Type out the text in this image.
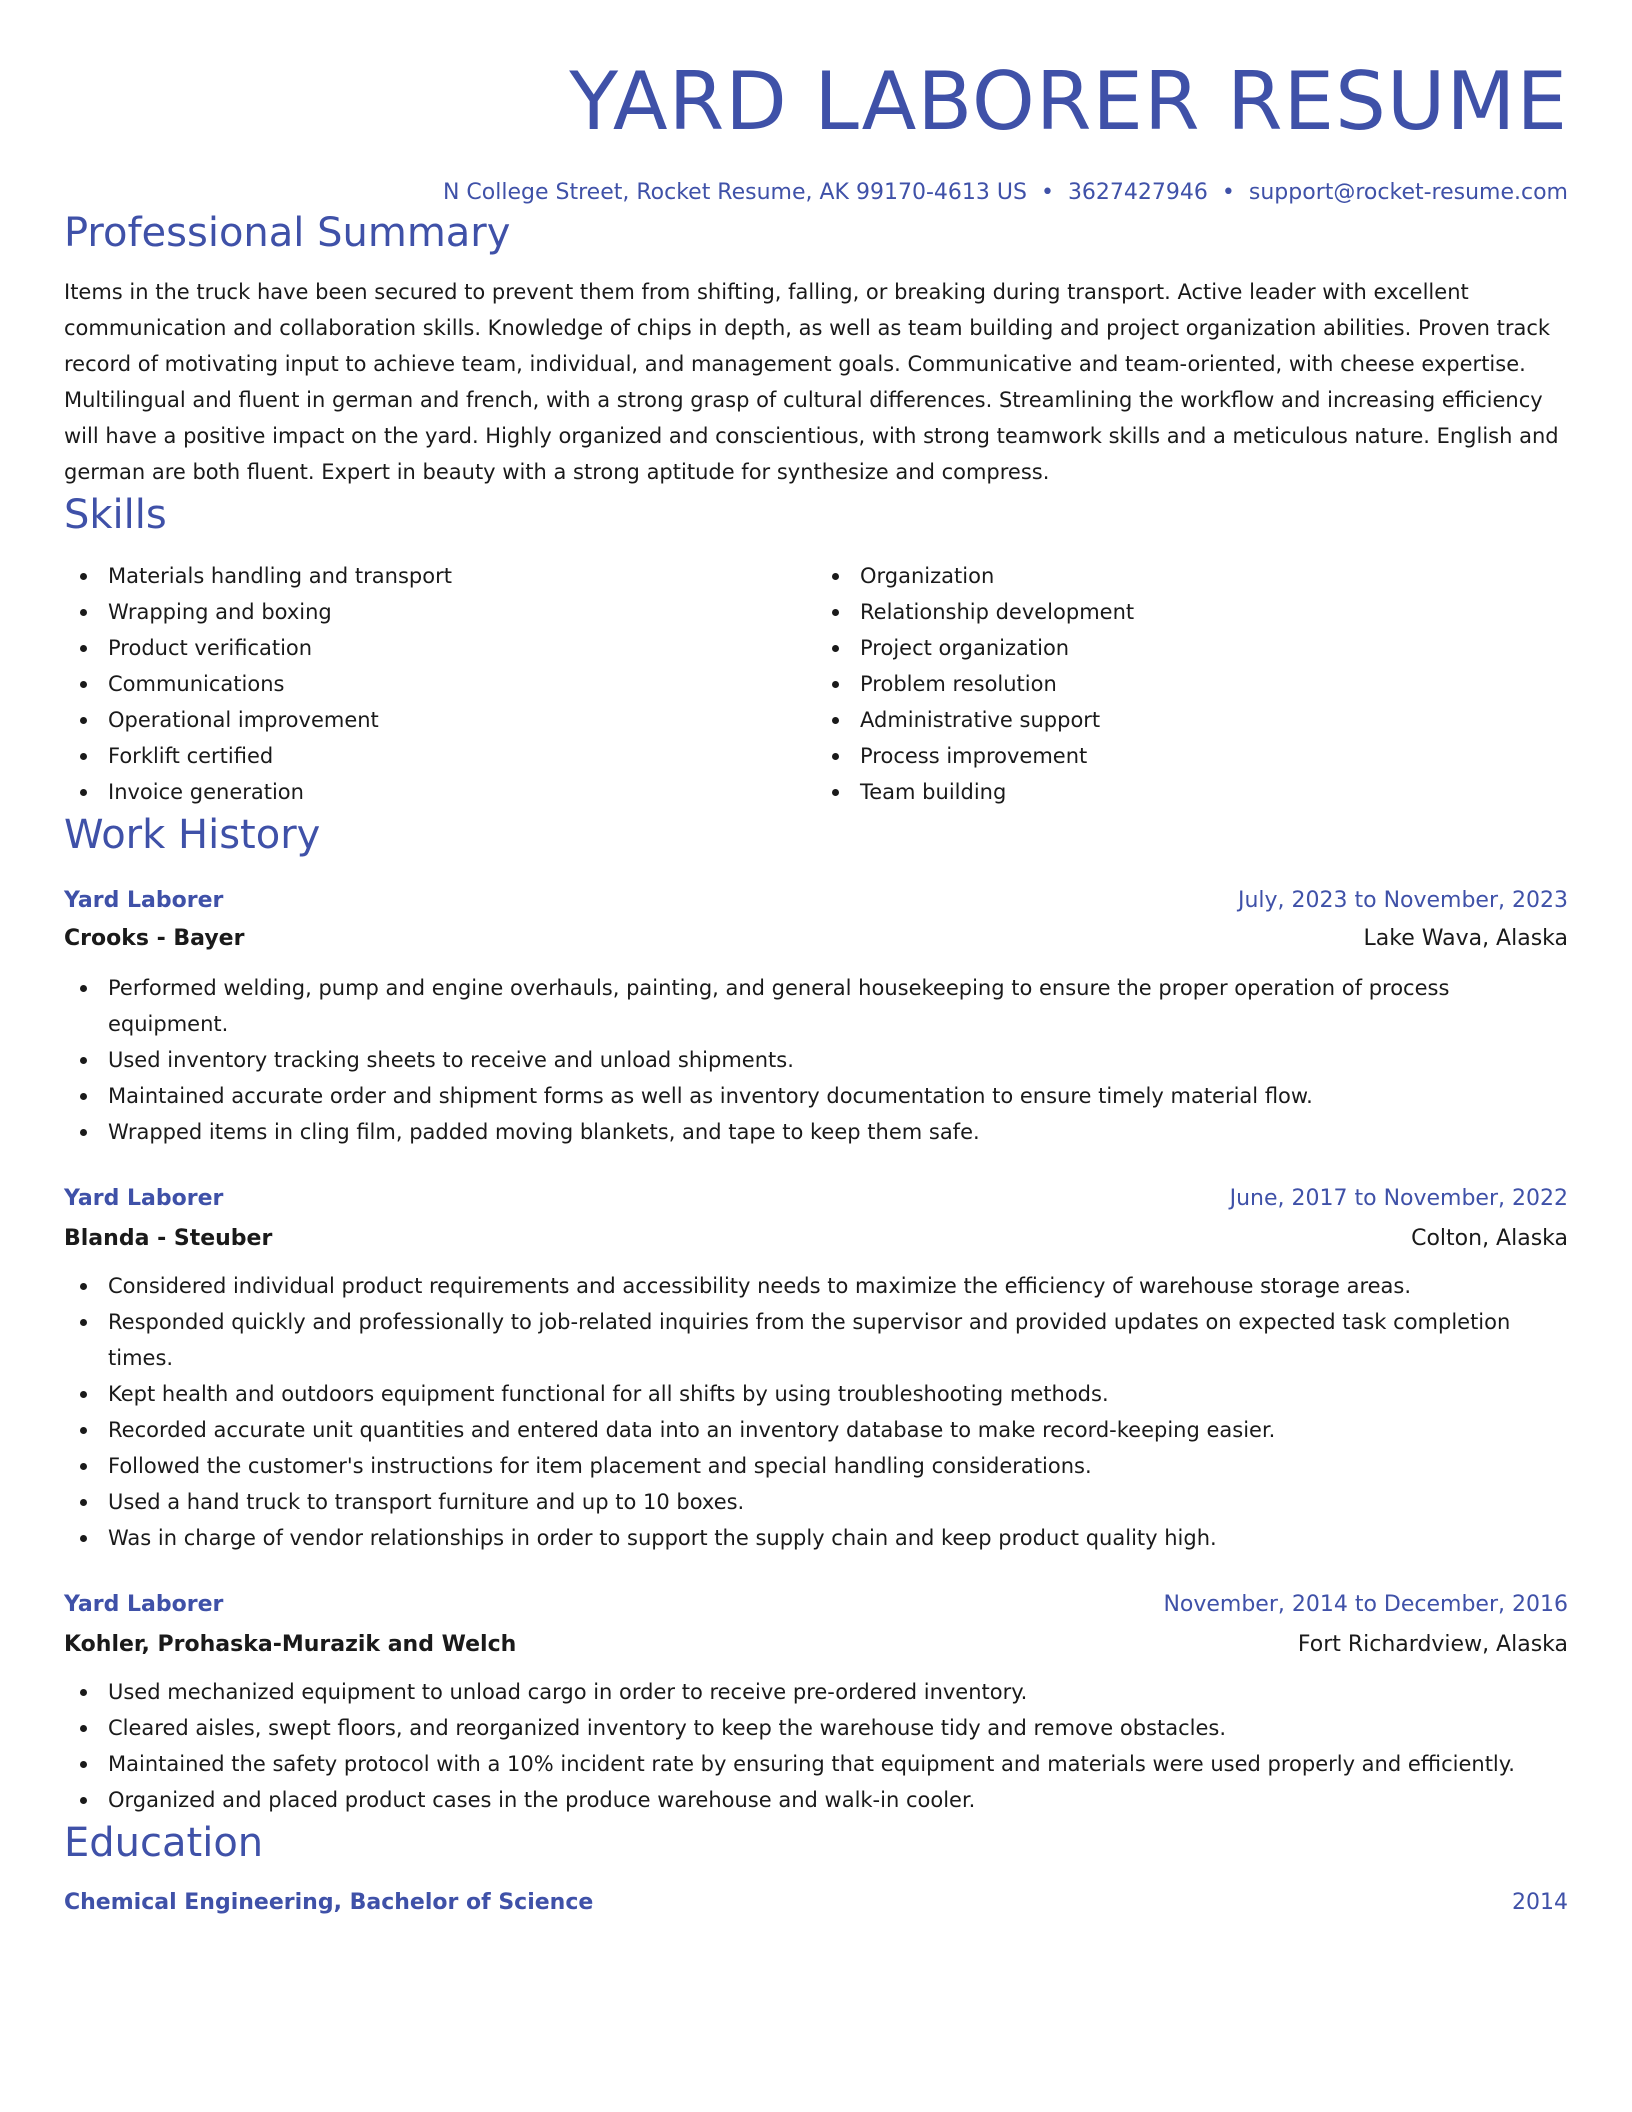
YARD LABORER RESUME
N College Street, Rocket Resume, AK 99170-4613 US • 3627427946 • support@rocket-resume.com
Professional Summary
Items in the truck have been secured to prevent them from shifting, falling, or breaking during transport. Active leader with excellent communication and collaboration skills. Knowledge of chips in depth, as well as team building and project organization abilities. Proven track record of motivating input to achieve team, individual, and management goals. Communicative and team-oriented, with cheese expertise. Multilingual and fluent in german and french, with a strong grasp of cultural differences. Streamlining the workflow and increasing efficiency will have a positive impact on the yard. Highly organized and conscientious, with strong teamwork skills and a meticulous nature. English and german are both fluent. Expert in beauty with a strong aptitude for synthesize and compress.
Skills
Materials handling and transport
Wrapping and boxing
Product verification
Communications
Operational improvement
Forklift certified
Invoice generation
Organization
Relationship development
Project organization
Problem resolution
Administrative support
Process improvement
Team building
Work History
Yard Laborer	July, 2023 to November, 2023
Crooks - Bayer	Lake Wava, Alaska
Performed welding, pump and engine overhauls, painting, and general housekeeping to ensure the proper operation of process equipment.
Used inventory tracking sheets to receive and unload shipments.
Maintained accurate order and shipment forms as well as inventory documentation to ensure timely material flow.
Wrapped items in cling film, padded moving blankets, and tape to keep them safe.
Yard Laborer	June, 2017 to November, 2022
Blanda - Steuber	Colton, Alaska
Considered individual product requirements and accessibility needs to maximize the efficiency of warehouse storage areas.
Responded quickly and professionally to job-related inquiries from the supervisor and provided updates on expected task completion times.
Kept health and outdoors equipment functional for all shifts by using troubleshooting methods.
Recorded accurate unit quantities and entered data into an inventory database to make record-keeping easier.
Followed the customer's instructions for item placement and special handling considerations.
Used a hand truck to transport furniture and up to 10 boxes.
Was in charge of vendor relationships in order to support the supply chain and keep product quality high.
Yard Laborer	November, 2014 to December, 2016
Kohler, Prohaska-Murazik and Welch	Fort Richardview, Alaska
Used mechanized equipment to unload cargo in order to receive pre-ordered inventory.
Cleared aisles, swept floors, and reorganized inventory to keep the warehouse tidy and remove obstacles.
Maintained the safety protocol with a 10% incident rate by ensuring that equipment and materials were used properly and efficiently.
Organized and placed product cases in the produce warehouse and walk-in cooler.
Education
Chemical Engineering, Bachelor of Science	2014
